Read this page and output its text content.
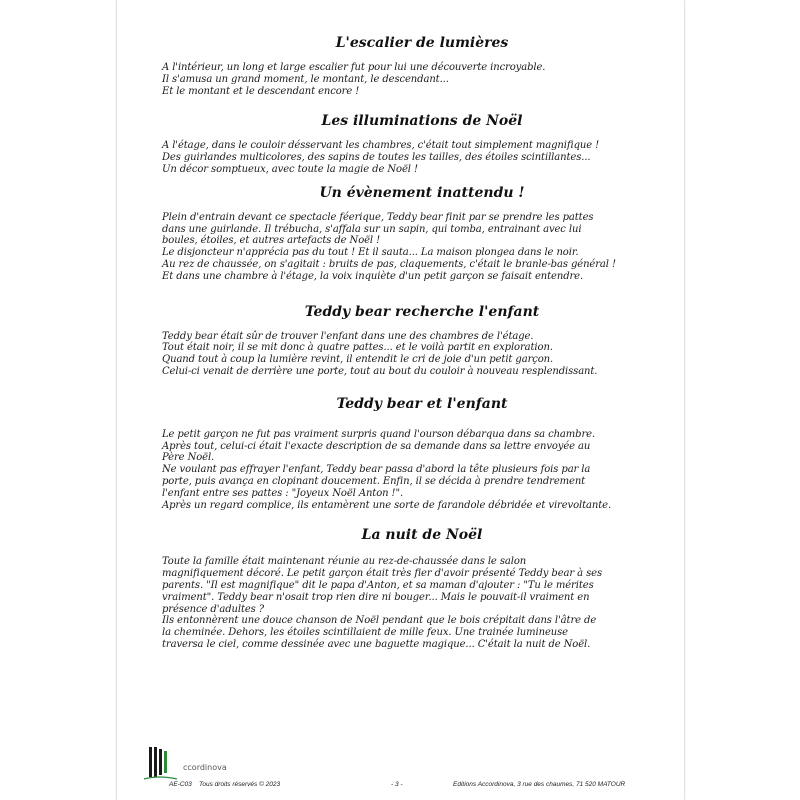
L'escalier de lumières
A l'intérieur, un long et large escalier fut pour lui une découverte incroyable.
Il s'amusa un grand moment, le montant, le descendant...
Et le montant et le descendant encore !
Les illuminations de Noël
A l'étage, dans le couloir désservant les chambres, c'était tout simplement magnifique !
Des guirlandes multicolores, des sapins de toutes les tailles, des étoiles scintillantes...
Un décor somptueux, avec toute la magie de Noël !
Un évènement inattendu !
Plein d'entrain devant ce spectacle féerique, Teddy bear finit par se prendre les pattes
dans une guirlande. Il trébucha, s'affala sur un sapin, qui tomba, entrainant avec lui
boules, étoiles, et autres artefacts de Noël !
Le disjoncteur n'apprécia pas du tout ! Et il sauta... La maison plongea dans le noir.
Au rez de chaussée, on s'agitait : bruits de pas, claquements, c'était le branle-bas général !
Et dans une chambre à l'étage, la voix inquiète d'un petit garçon se faisait entendre.
Teddy bear recherche l'enfant
Teddy bear était sûr de trouver l'enfant dans une des chambres de l'étage.
Tout était noir, il se mit donc à quatre pattes... et le voilà partit en exploration.
Quand tout à coup la lumière revint, il entendit le cri de joie d'un petit garçon.
Celui-ci venait de derrière une porte, tout au bout du couloir à nouveau resplendissant.
Teddy bear et l'enfant
Le petit garçon ne fut pas vraiment surpris quand l'ourson débarqua dans sa chambre.
Après tout, celui-ci était l'exacte description de sa demande dans sa lettre envoyée au
Père Noël.
Ne voulant pas effrayer l'enfant, Teddy bear passa d'abord la tête plusieurs fois par la
porte, puis avança en clopinant doucement. Enfin, il se décida à prendre tendrement
l'enfant entre ses pattes : "Joyeux Noël Anton !".
Après un regard complice, ils entamèrent une sorte de farandole débridée et virevoltante.
La nuit de Noël
Toute la famille était maintenant réunie au rez-de-chaussée dans le salon
magnifiquement décoré. Le petit garçon était très fier d'avoir présenté Teddy bear à ses
parents. "Il est magnifique" dit le papa d'Anton, et sa maman d'ajouter : "Tu le mérites
vraiment". Teddy bear n'osait trop rien dire ni bouger... Mais le pouvait-il vraiment en
présence d'adultes ?
Ils entonnèrent une douce chanson de Noël pendant que le bois crépitait dans l'âtre de
la cheminée. Dehors, les étoiles scintillaient de mille feux. Une trainée lumineuse
traversa le ciel, comme dessinée avec une baguette magique... C'était la nuit de Noël.
ccordinova
AE-C03 Tous droits réservés © 2023	- 3 -	Editions Accordinova, 3 rue des chaumes, 71 520 MATOUR
